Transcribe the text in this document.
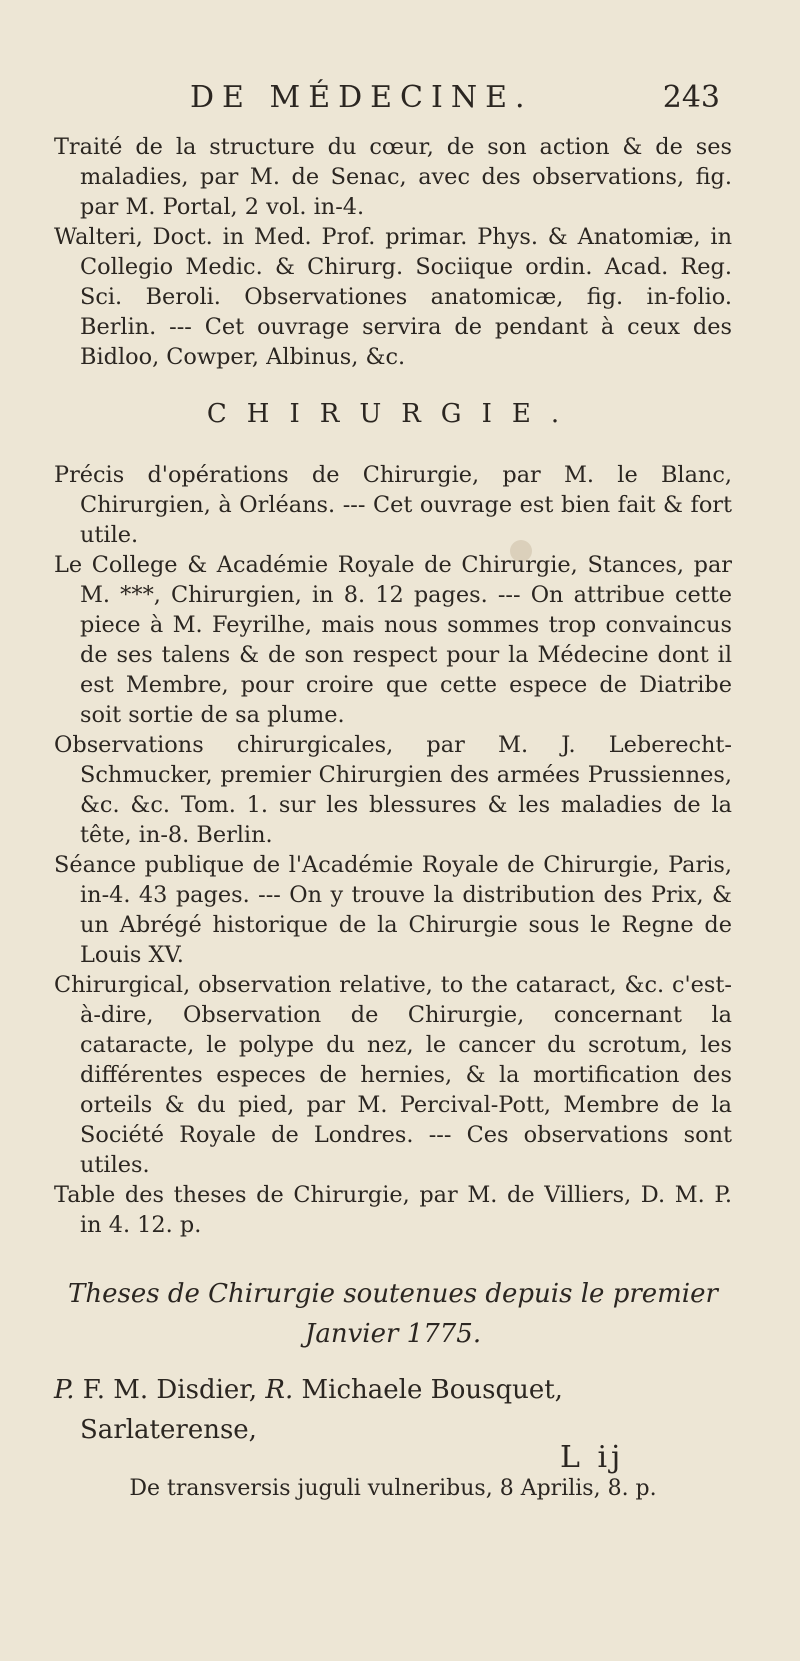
DE MÉDECINE.	243

Traité de la structure du cœur, de son action & de ses maladies, par M. de Senac, avec des observations, fig. par M. Portal, 2 vol. in-4.

Walteri, Doct. in Med. Prof. primar. Phys. & Anatomiæ, in Collegio Medic. & Chirurg. Sociique ordin. Acad. Reg. Sci. Beroli. Observationes anatomicæ, fig. in-folio. Berlin. --- Cet ouvrage servira de pendant à ceux des Bidloo, Cowper, Albinus, &c.

CHIRURGIE.

Précis d'opérations de Chirurgie, par M. le Blanc, Chirurgien, à Orléans. --- Cet ouvrage est bien fait & fort utile.

Le College & Académie Royale de Chirurgie, Stances, par M. ***, Chirurgien, in 8. 12 pages. --- On attribue cette piece à M. Feyrilhe, mais nous sommes trop convaincus de ses talens & de son respect pour la Médecine dont il est Membre, pour croire que cette espece de Diatribe soit sortie de sa plume.

Observations chirurgicales, par M. J. Leberecht-Schmucker, premier Chirurgien des armées Prussiennes, &c. &c. Tom. 1. sur les blessures & les maladies de la tête, in-8. Berlin.

Séance publique de l'Académie Royale de Chirurgie, Paris, in-4. 43 pages. --- On y trouve la distribution des Prix, & un Abrégé historique de la Chirurgie sous le Regne de Louis XV.

Chirurgical, observation relative, to the cataract, &c. c'est-à-dire, Observation de Chirurgie, concernant la cataracte, le polype du nez, le cancer du scrotum, les différentes especes de hernies, & la mortification des orteils & du pied, par M. Percival-Pott, Membre de la Société Royale de Londres. --- Ces observations sont utiles.

Table des theses de Chirurgie, par M. de Villiers, D. M. P. in 4. 12. p.

Theses de Chirurgie soutenues depuis le premier
Janvier 1775.

P. F. M. Disdier, R. Michaele Bousquet, Sarlaterense,

De transversis juguli vulneribus, 8 Aprilis, 8. p.
L ij
